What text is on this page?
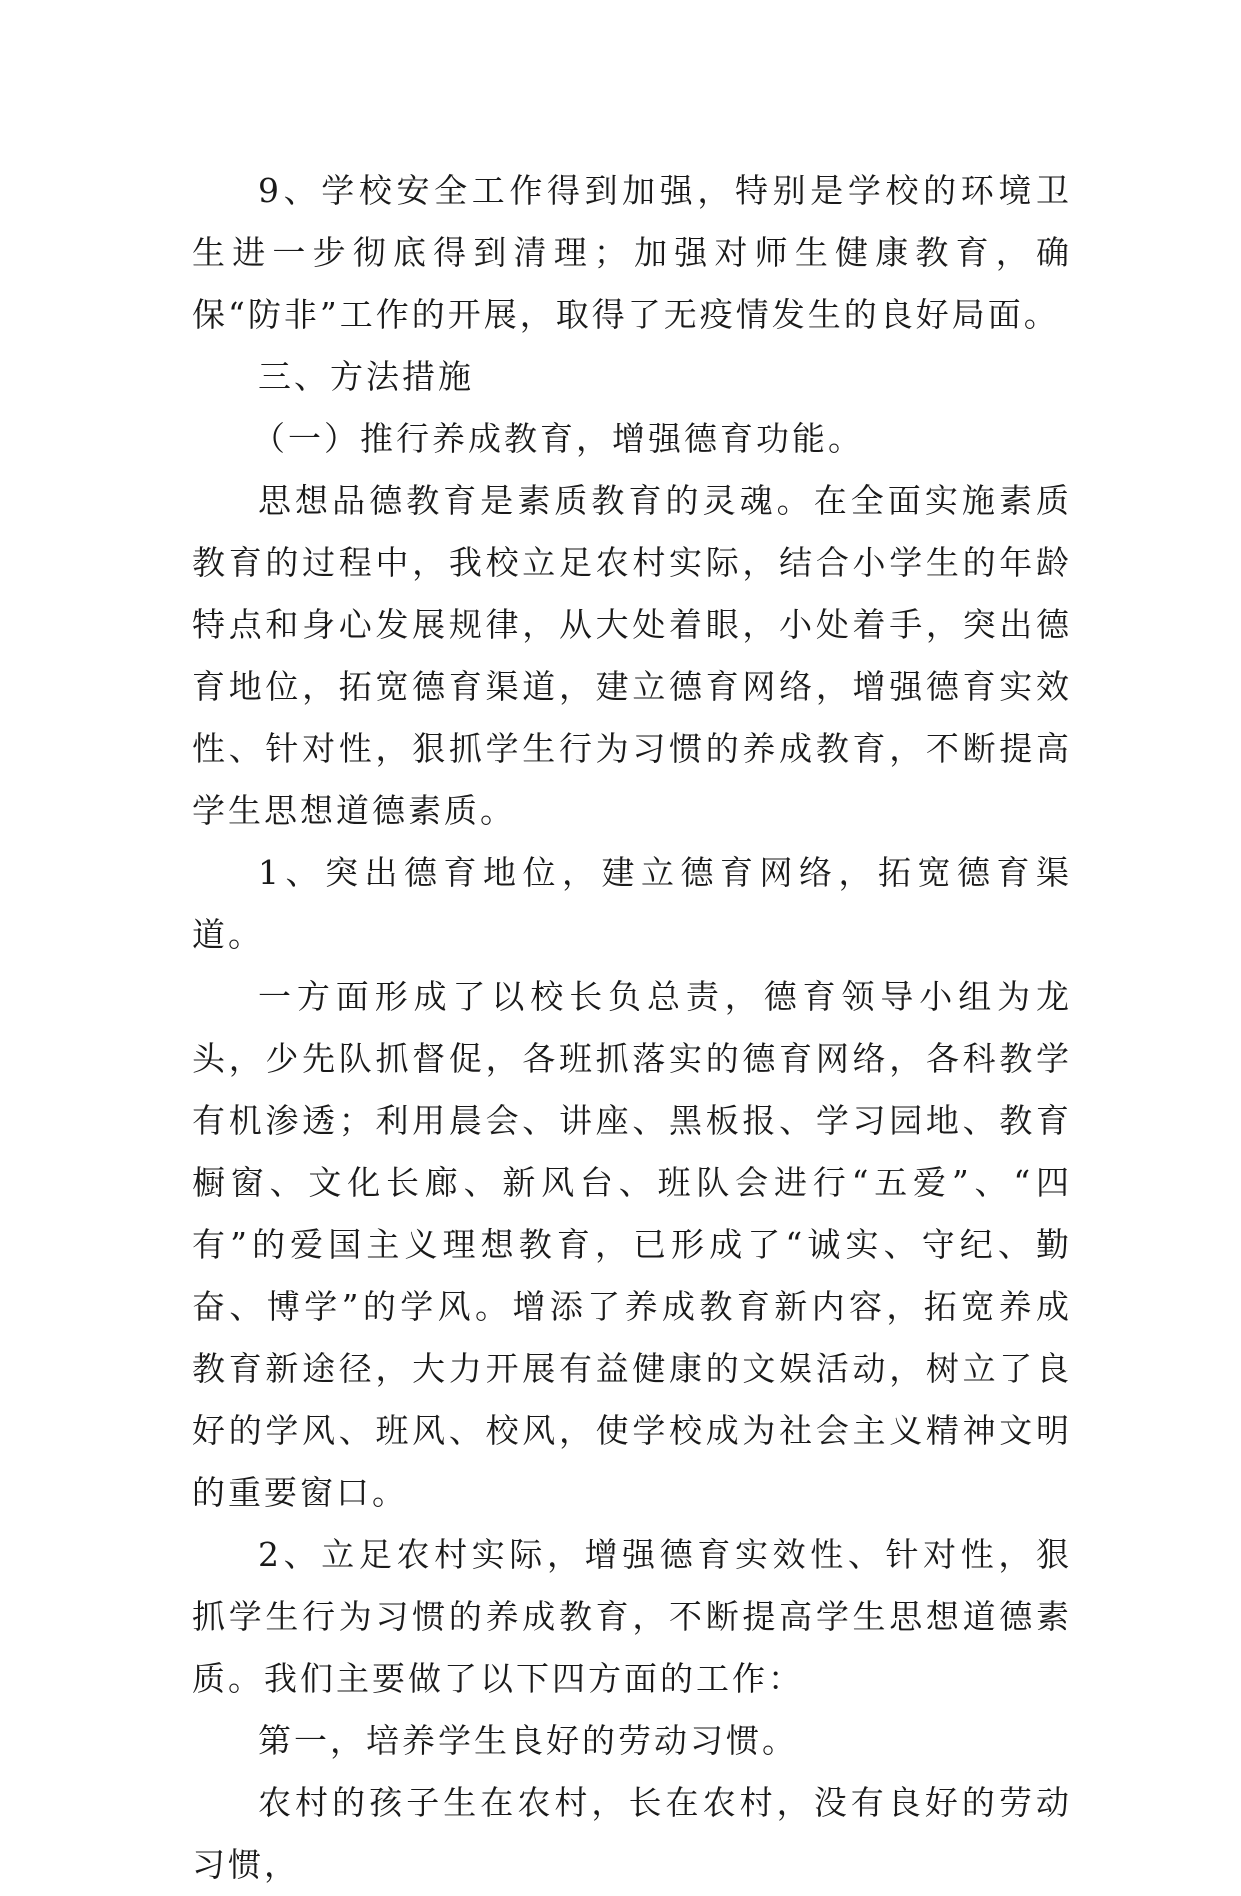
9、学校安全工作得到加强，特别是学校的环境卫生进一步彻底得到清理；加强对师生健康教育，确保“防非”工作的开展，取得了无疫情发生的良好局面。

三、方法措施

（一）推行养成教育，增强德育功能。

思想品德教育是素质教育的灵魂。在全面实施素质教育的过程中，我校立足农村实际，结合小学生的年龄特点和身心发展规律，从大处着眼，小处着手，突出德育地位，拓宽德育渠道，建立德育网络，增强德育实效性、针对性，狠抓学生行为习惯的养成教育，不断提高学生思想道德素质。

1、突出德育地位，建立德育网络，拓宽德育渠道。

一方面形成了以校长负总责，德育领导小组为龙头，少先队抓督促，各班抓落实的德育网络，各科教学有机渗透；利用晨会、讲座、黑板报、学习园地、教育橱窗、文化长廊、新风台、班队会进行“五爱”、“四有”的爱国主义理想教育，已形成了“诚实、守纪、勤奋、博学”的学风。增添了养成教育新内容，拓宽养成教育新途径，大力开展有益健康的文娱活动，树立了良好的学风、班风、校风，使学校成为社会主义精神文明的重要窗口。

2、立足农村实际，增强德育实效性、针对性，狠抓学生行为习惯的养成教育，不断提高学生思想道德素质。我们主要做了以下四方面的工作：

第一，培养学生良好的劳动习惯。

农村的孩子生在农村，长在农村，没有良好的劳动习惯，
